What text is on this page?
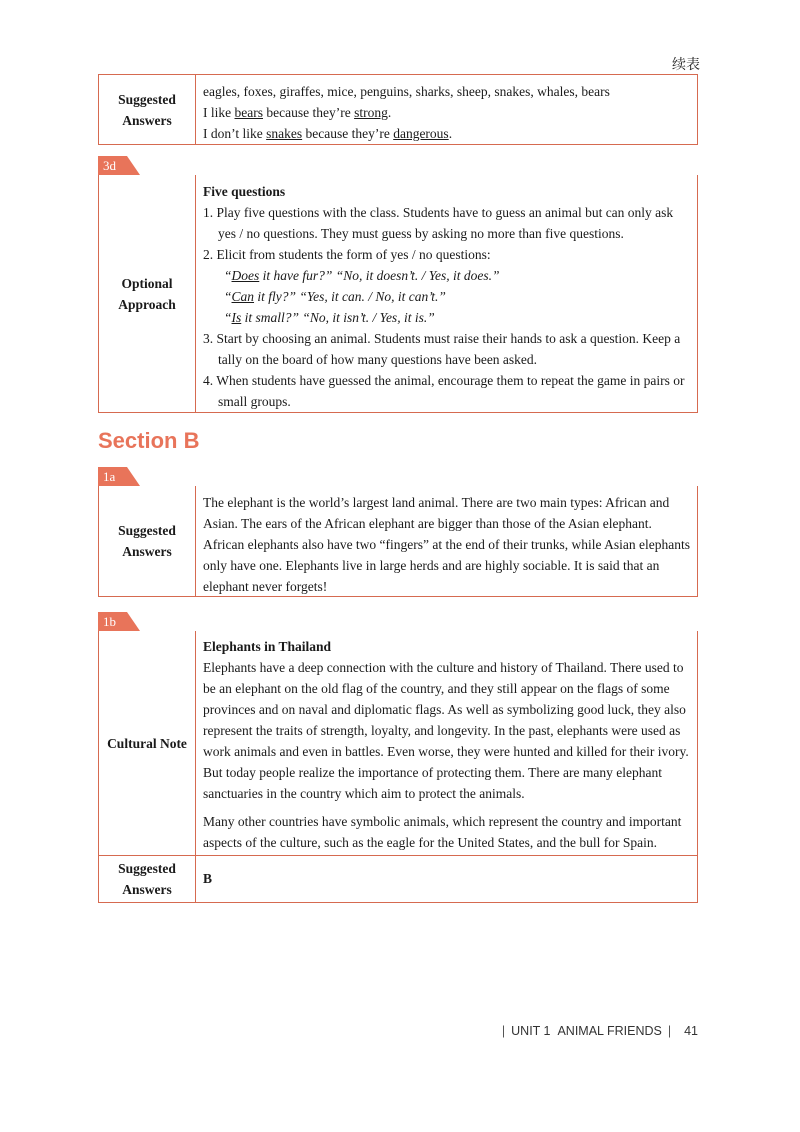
续表
Suggested Answers

eagles, foxes, giraffes, mice, penguins, sharks, sheep, snakes, whales, bears

I like bears because they’re strong.

I don’t like snakes because they’re dangerous.

3d
Optional Approach

Five questions

1. Play five questions with the class. Students have to guess an animal but can only ask yes / no questions. They must guess by asking no more than five questions.

2. Elicit from students the form of yes / no questions:

“Does it have fur?” “No, it doesn’t. / Yes, it does.”

“Can it fly?” “Yes, it can. / No, it can’t.”

“Is it small?” “No, it isn’t. / Yes, it is.”

3. Start by choosing an animal. Students must raise their hands to ask a question. Keep a tally on the board of how many questions have been asked.

4. When students have guessed the animal, encourage them to repeat the game in pairs or small groups.

Section B
1a
Suggested Answers
The elephant is the world’s largest land animal. There are two main types: African and Asian. The ears of the African elephant are bigger than those of the Asian elephant. African elephants also have two “fingers” at the end of their trunks, while Asian elephants only have one. Elephants live in large herds and are highly sociable. It is said that an elephant never forgets!
1b
Cultural Note

Elephants in Thailand

Elephants have a deep connection with the culture and history of Thailand. There used to be an elephant on the old flag of the country, and they still appear on the flags of some provinces and on naval and diplomatic flags. As well as symbolizing good luck, they also represent the traits of strength, loyalty, and longevity. In the past, elephants were used as work animals and even in battles. Even worse, they were hunted and killed for their ivory. But today people realize the importance of protecting them. There are many elephant sanctuaries in the country which aim to protect the animals.

Many other countries have symbolic animals, which represent the country and important aspects of the culture, such as the eagle for the United States, and the bull for Spain.

Suggested Answers
B
| UNIT 1 ANIMAL FRIENDS | 41
